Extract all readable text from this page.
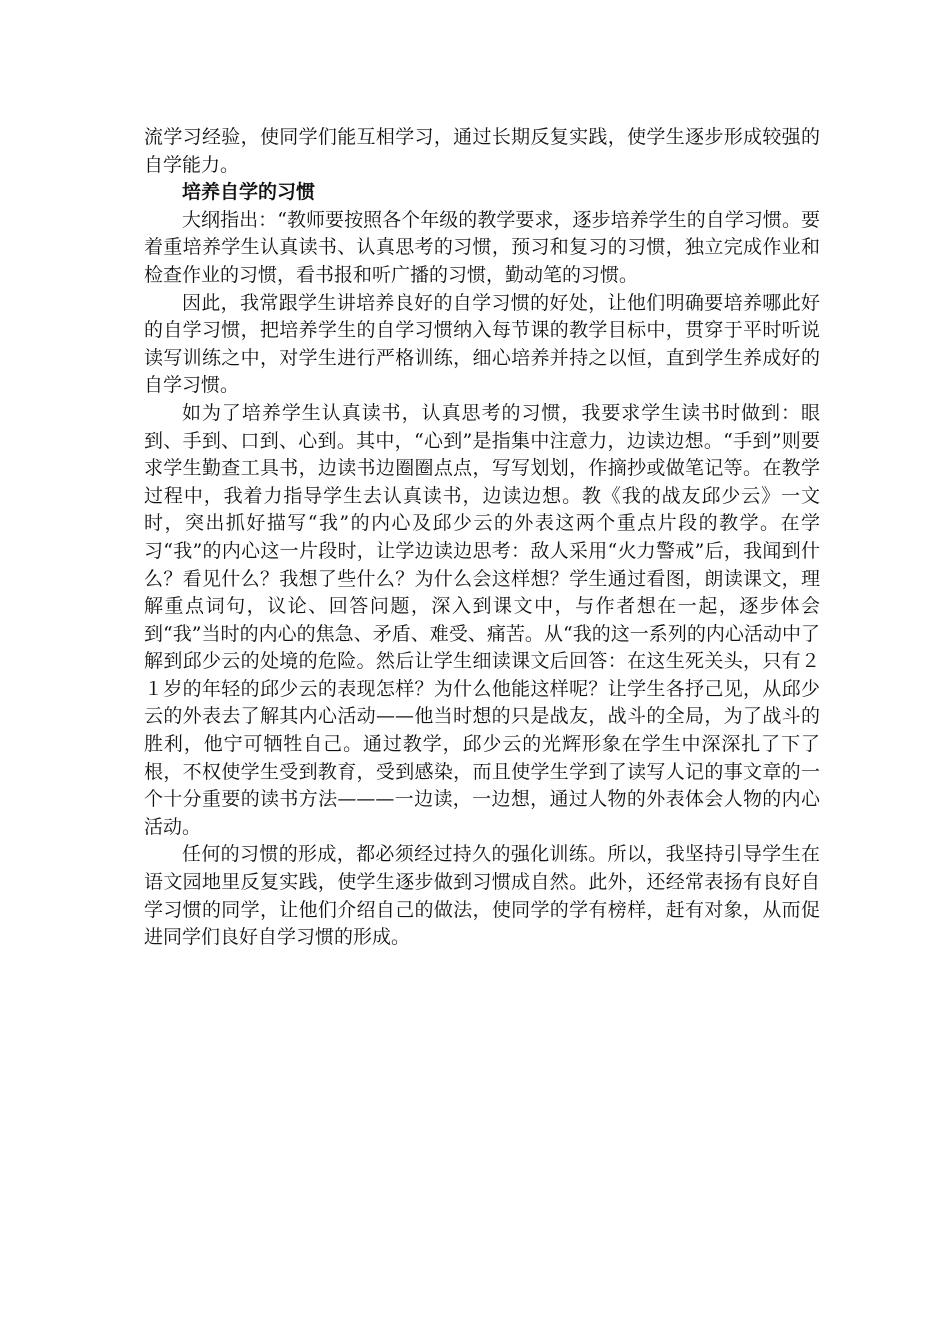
流学习经验，使同学们能互相学习，通过长期反复实践，使学生逐步形成较强的自学能力。

培养自学的习惯

大纲指出：“教师要按照各个年级的教学要求，逐步培养学生的自学习惯。要着重培养学生认真读书、认真思考的习惯，预习和复习的习惯，独立完成作业和检查作业的习惯，看书报和听广播的习惯，勤动笔的习惯。

因此，我常跟学生讲培养良好的自学习惯的好处，让他们明确要培养哪此好的自学习惯，把培养学生的自学习惯纳入每节课的教学目标中，贯穿于平时听说读写训练之中，对学生进行严格训练，细心培养并持之以恒，直到学生养成好的自学习惯。

如为了培养学生认真读书，认真思考的习惯，我要求学生读书时做到：眼到、手到、口到、心到。其中，“心到”是指集中注意力，边读边想。“手到”则要求学生勤查工具书，边读书边圈圈点点，写写划划，作摘抄或做笔记等。在教学过程中，我着力指导学生去认真读书，边读边想。教《我的战友邱少云》一文时，突出抓好描写“我”的内心及邱少云的外表这两个重点片段的教学。在学习“我”的内心这一片段时，让学边读边思考：敌人采用“火力警戒”后，我闻到什么？看见什么？我想了些什么？为什么会这样想？学生通过看图，朗读课文，理解重点词句，议论、回答问题，深入到课文中，与作者想在一起，逐步体会到“我”当时的内心的焦急、矛盾、难受、痛苦。从“我的这一系列的内心活动中了解到邱少云的处境的危险。然后让学生细读课文后回答：在这生死关头，只有２１岁的年轻的邱少云的表现怎样？为什么他能这样呢？让学生各抒己见，从邱少云的外表去了解其内心活动——他当时想的只是战友，战斗的全局，为了战斗的胜利，他宁可牺牲自己。通过教学，邱少云的光辉形象在学生中深深扎了下了根，不权使学生受到教育，受到感染，而且使学生学到了读写人记的事文章的一个十分重要的读书方法———一边读，一边想，通过人物的外表体会人物的内心活动。

任何的习惯的形成，都必须经过持久的强化训练。所以，我坚持引导学生在语文园地里反复实践，使学生逐步做到习惯成自然。此外，还经常表扬有良好自学习惯的同学，让他们介绍自己的做法，使同学的学有榜样，赶有对象，从而促进同学们良好自学习惯的形成。
